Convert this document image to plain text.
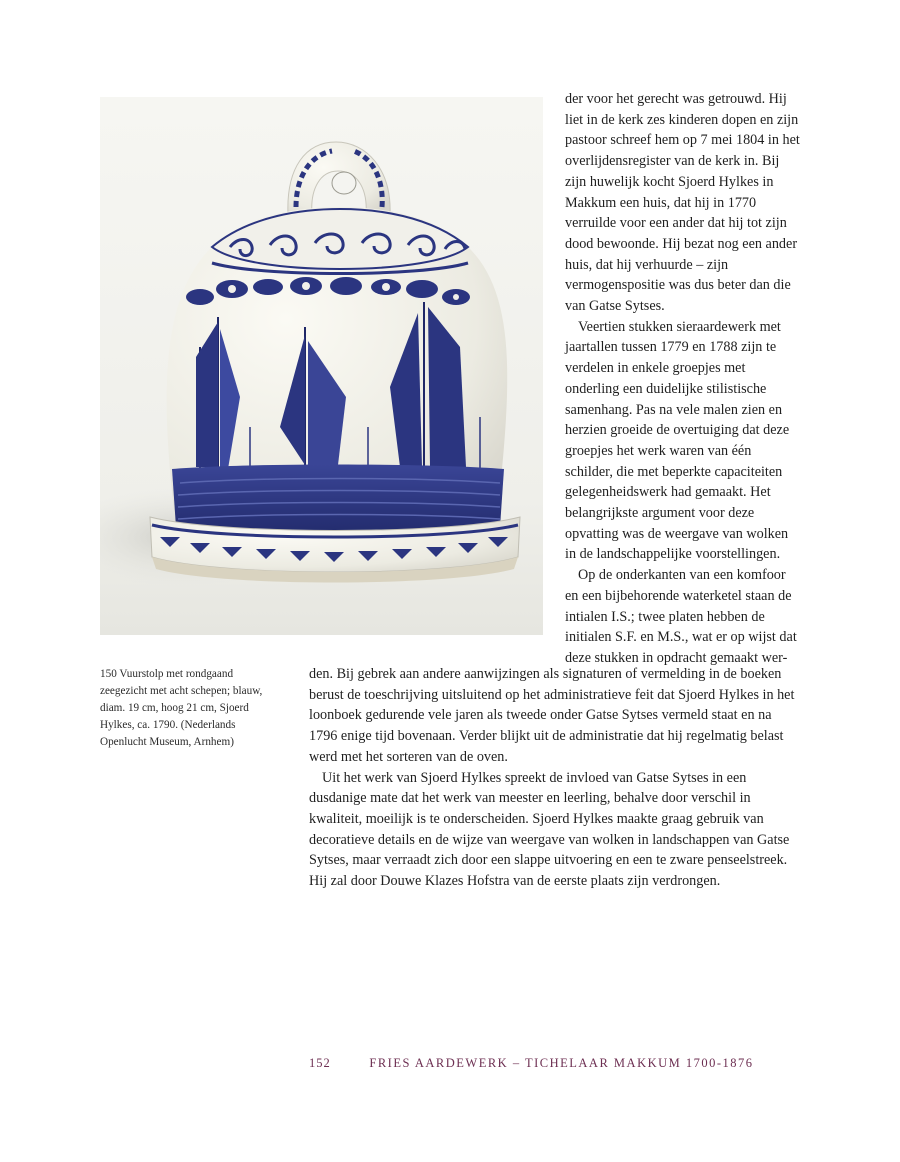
150 Vuurstolp met rondgaand zeegezicht met acht schepen; blauw, diam. 19 cm, hoog 21 cm, Sjoerd Hylkes, ca. 1790. (Nederlands Openlucht Museum, Arnhem)

der voor het gerecht was getrouwd. Hij liet in de kerk zes kinderen dopen en zijn pastoor schreef hem op 7 mei 1804 in het overlijdensregister van de kerk in. Bij zijn huwelijk kocht Sjoerd Hylkes in Makkum een huis, dat hij in 1770 verruilde voor een ander dat hij tot zijn dood bewoonde. Hij bezat nog een ander huis, dat hij verhuurde – zijn vermogenspositie was dus beter dan die van Gatse Sytses.

Veertien stukken sieraardewerk met jaartallen tussen 1779 en 1788 zijn te verdelen in enkele groepjes met onderling een duidelijke stilistische samenhang. Pas na vele malen zien en herzien groeide de overtuiging dat deze groepjes het werk waren van één schilder, die met beperkte capaciteiten gelegenheidswerk had gemaakt. Het belangrijkste argument voor deze opvatting was de weergave van wolken in de landschappelijke voorstellingen.

Op de onderkanten van een komfoor en een bijbehorende waterketel staan de intialen I.S.; twee platen hebben de initialen S.F. en M.S., wat er op wijst dat deze stukken in opdracht gemaakt wer-

den. Bij gebrek aan andere aanwijzingen als signaturen of vermelding in de boeken berust de toeschrijving uitsluitend op het administratieve feit dat Sjoerd Hylkes in het loonboek gedurende vele jaren als tweede onder Gatse Sytses vermeld staat en na 1796 enige tijd bovenaan. Verder blijkt uit de administratie dat hij regelmatig belast werd met het sorteren van de oven.

Uit het werk van Sjoerd Hylkes spreekt de invloed van Gatse Sytses in een dusdanige mate dat het werk van meester en leerling, behalve door verschil in kwaliteit, moeilijk is te onderscheiden. Sjoerd Hylkes maakte graag gebruik van decoratieve details en de wijze van weergave van wolken in landschappen van Gatse Sytses, maar verraadt zich door een slappe uitvoering en een te zware penseelstreek. Hij zal door Douwe Klazes Hofstra van de eerste plaats zijn verdrongen.

152	FRIES AARDEWERK – TICHELAAR MAKKUM 1700-1876
